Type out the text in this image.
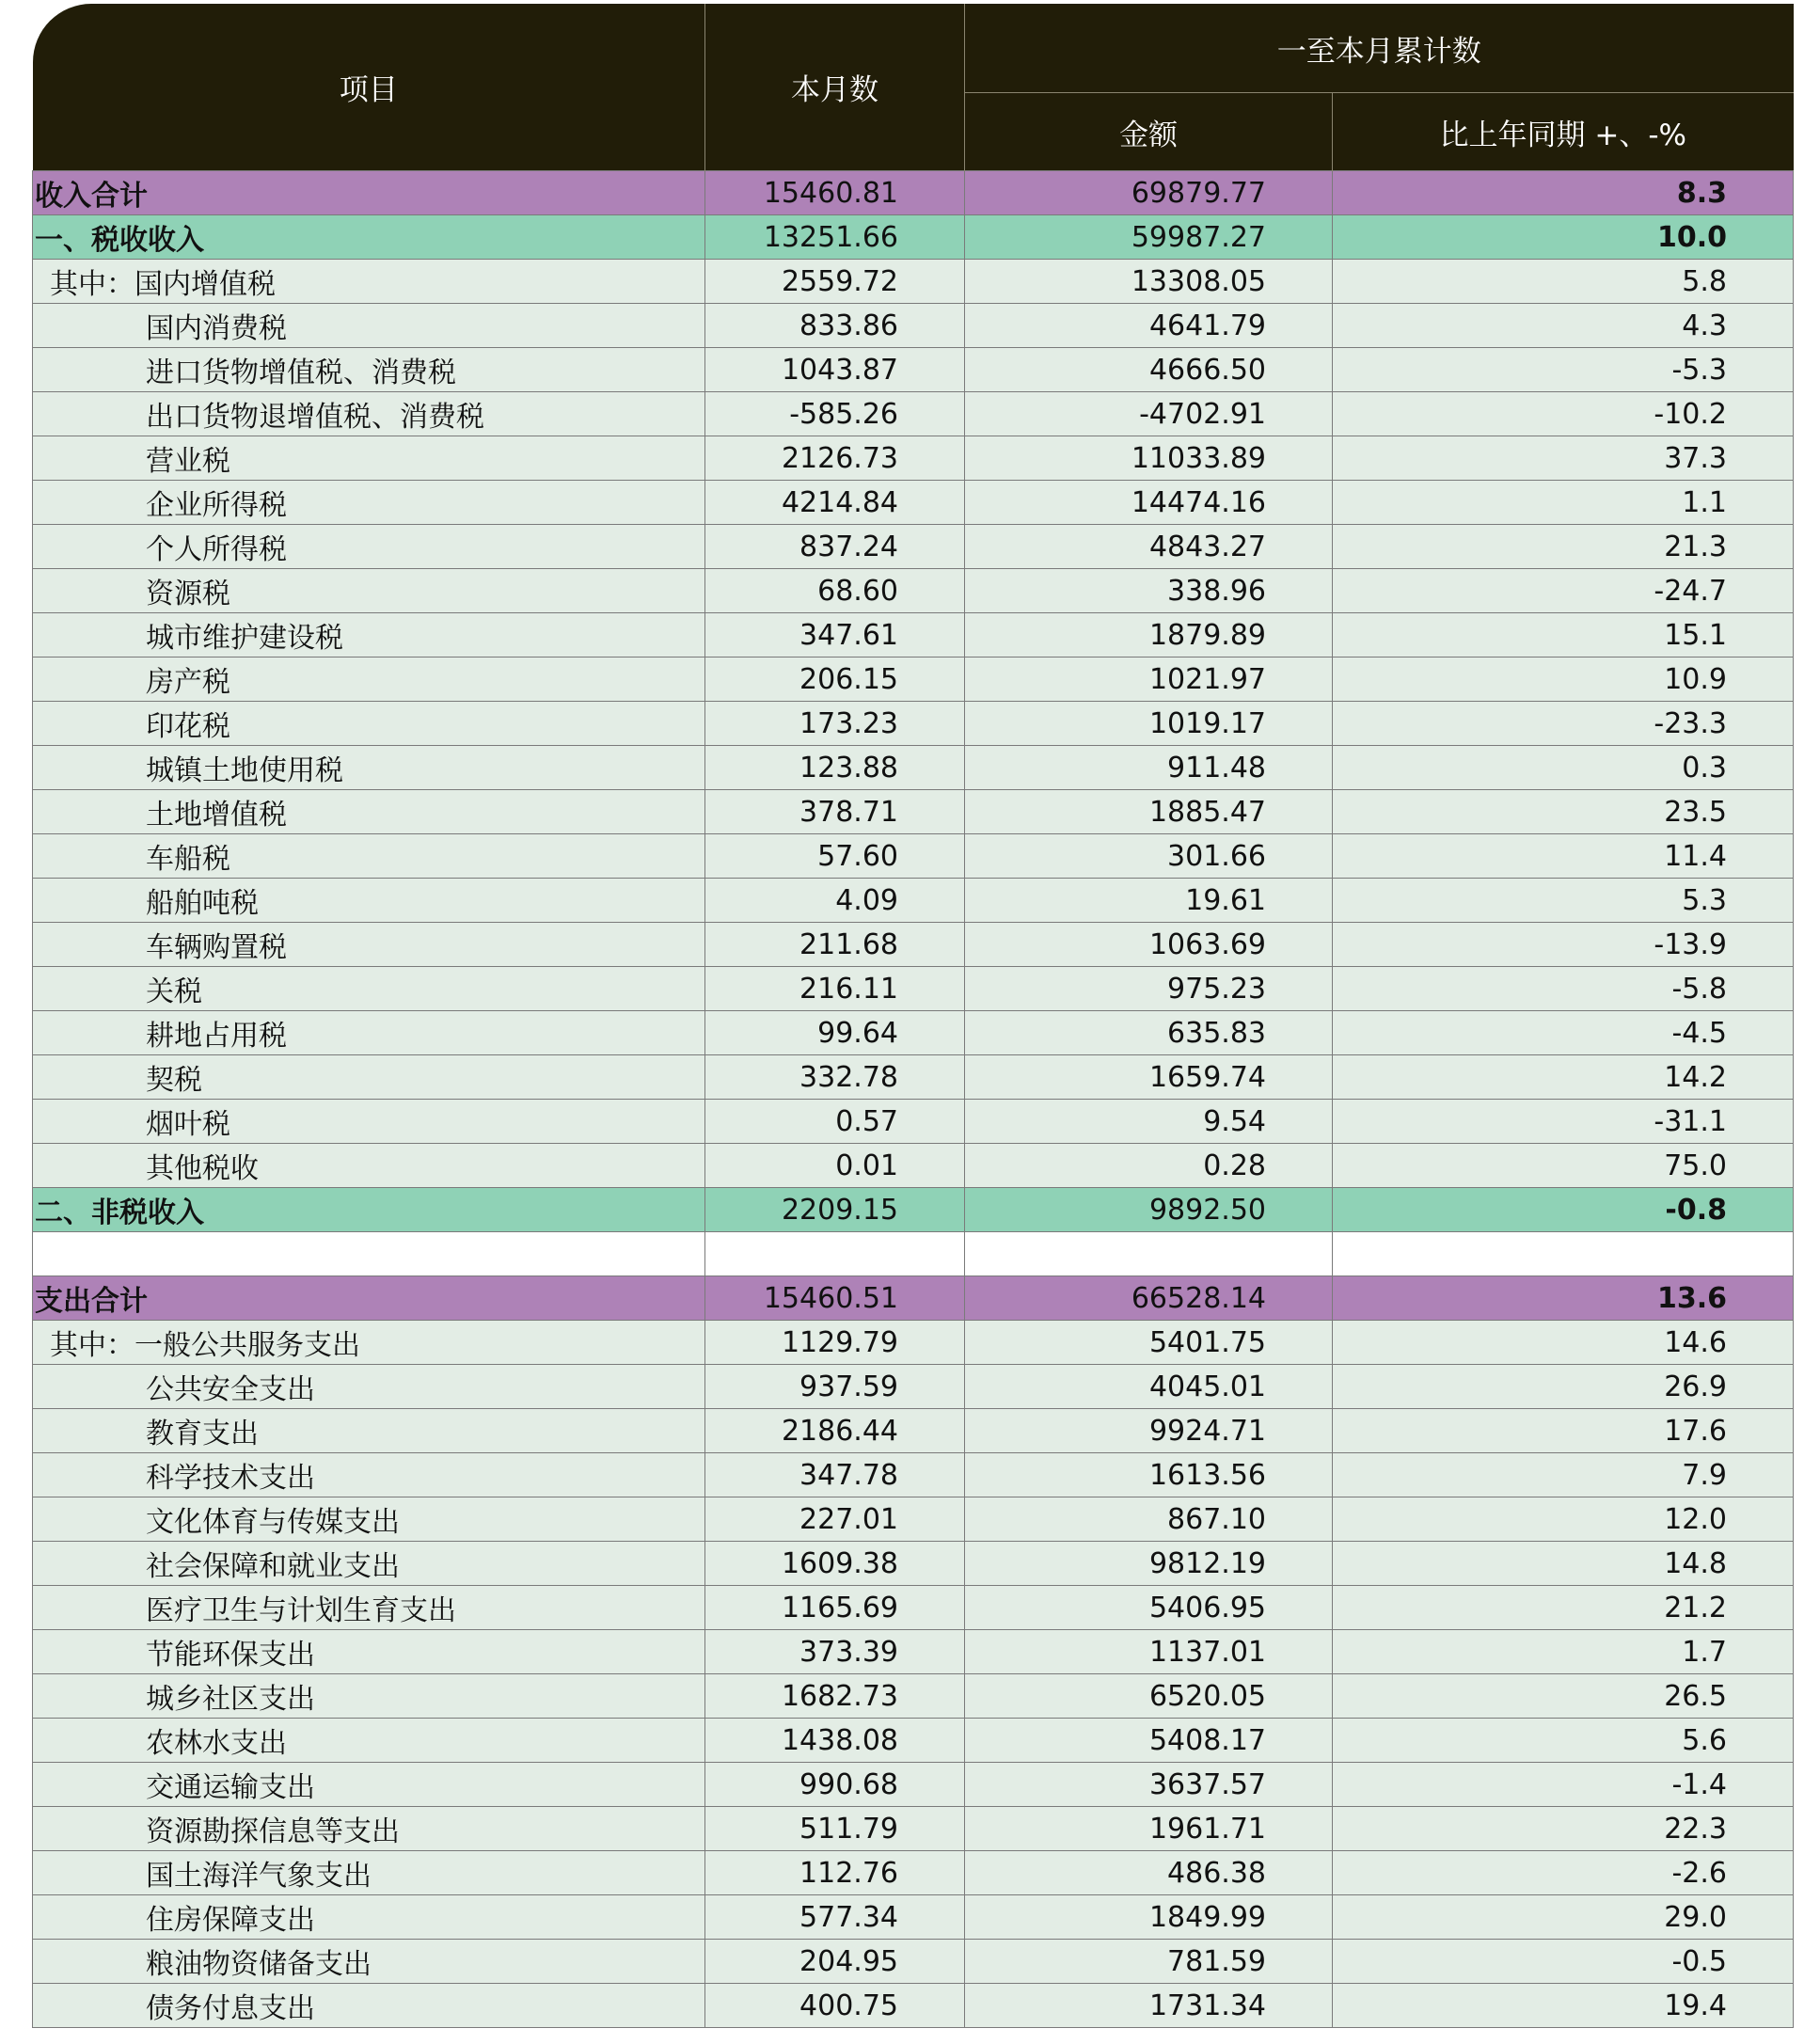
项目	本月数	一至本月累计数	
		金额	比上年同期 +、-%
收入合计	15460.81	69879.77	8.3
一、税收收入	13251.66	59987.27	10.0
其中：国内增值税	2559.72	13308.05	5.8
国内消费税	833.86	4641.79	4.3
进口货物增值税、消费税	1043.87	4666.50	-5.3
出口货物退增值税、消费税	-585.26	-4702.91	-10.2
营业税	2126.73	11033.89	37.3
企业所得税	4214.84	14474.16	1.1
个人所得税	837.24	4843.27	21.3
资源税	68.60	338.96	-24.7
城市维护建设税	347.61	1879.89	15.1
房产税	206.15	1021.97	10.9
印花税	173.23	1019.17	-23.3
城镇土地使用税	123.88	911.48	0.3
土地增值税	378.71	1885.47	23.5
车船税	57.60	301.66	11.4
船舶吨税	4.09	19.61	5.3
车辆购置税	211.68	1063.69	-13.9
关税	216.11	975.23	-5.8
耕地占用税	99.64	635.83	-4.5
契税	332.78	1659.74	14.2
烟叶税	0.57	9.54	-31.1
其他税收	0.01	0.28	75.0
二、非税收入	2209.15	9892.50	-0.8

支出合计	15460.51	66528.14	13.6
其中：一般公共服务支出	1129.79	5401.75	14.6
公共安全支出	937.59	4045.01	26.9
教育支出	2186.44	9924.71	17.6
科学技术支出	347.78	1613.56	7.9
文化体育与传媒支出	227.01	867.10	12.0
社会保障和就业支出	1609.38	9812.19	14.8
医疗卫生与计划生育支出	1165.69	5406.95	21.2
节能环保支出	373.39	1137.01	1.7
城乡社区支出	1682.73	6520.05	26.5
农林水支出	1438.08	5408.17	5.6
交通运输支出	990.68	3637.57	-1.4
资源勘探信息等支出	511.79	1961.71	22.3
国土海洋气象支出	112.76	486.38	-2.6
住房保障支出	577.34	1849.99	29.0
粮油物资储备支出	204.95	781.59	-0.5
债务付息支出	400.75	1731.34	19.4
